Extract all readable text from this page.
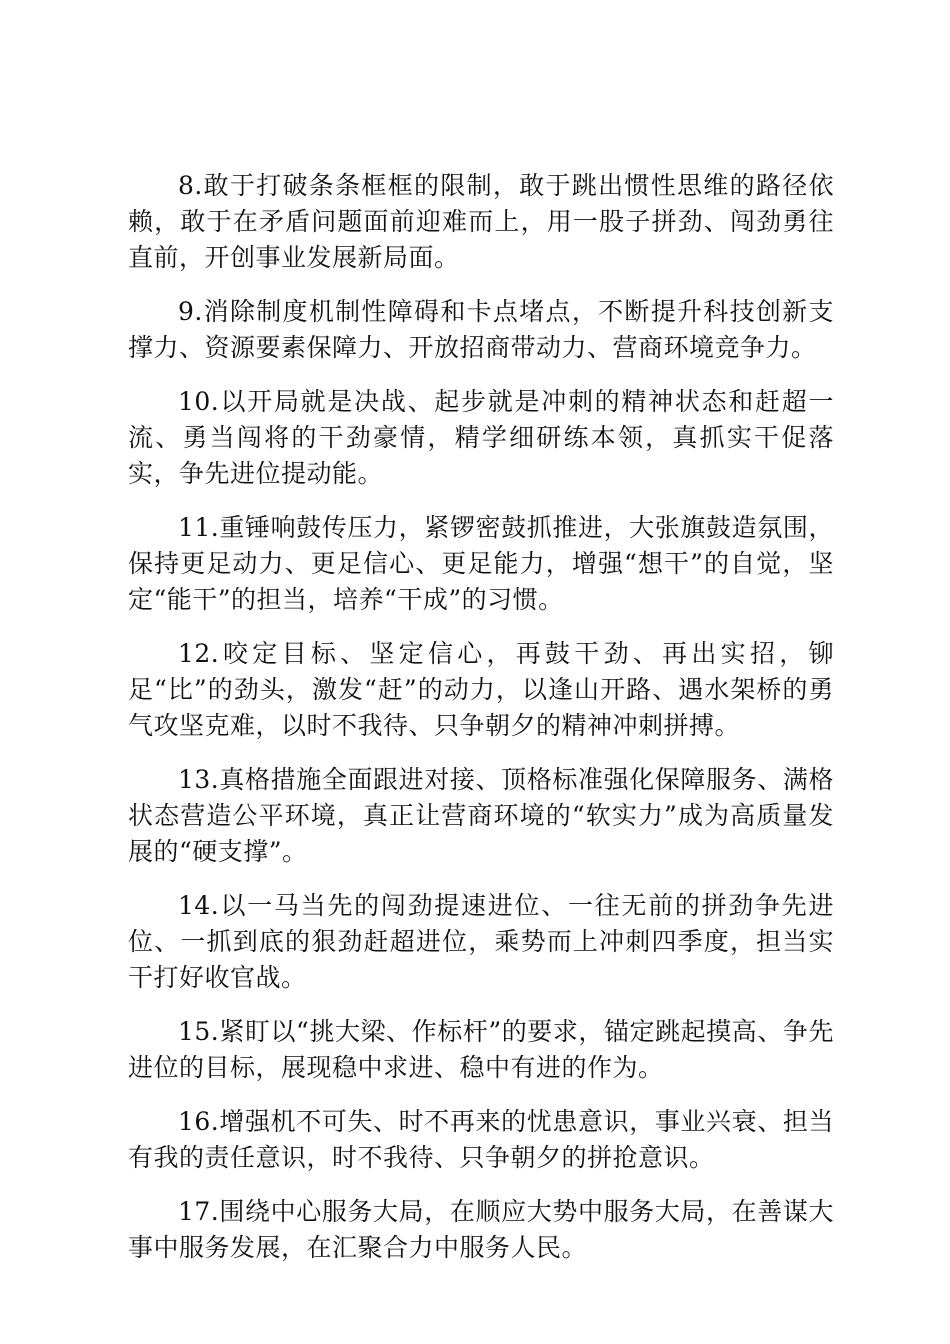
8.敢于打破条条框框的限制，敢于跳出惯性思维的路径依赖，敢于在矛盾问题面前迎难而上，用一股子拼劲、闯劲勇往直前，开创事业发展新局面。

9.消除制度机制性障碍和卡点堵点，不断提升科技创新支撑力、资源要素保障力、开放招商带动力、营商环境竞争力。

10.以开局就是决战、起步就是冲刺的精神状态和赶超一流、勇当闯将的干劲豪情，精学细研练本领，真抓实干促落实，争先进位提动能。

11.重锤响鼓传压力，紧锣密鼓抓推进，大张旗鼓造氛围，保持更足动力、更足信心、更足能力，增强“想干”的自觉，坚定“能干”的担当，培养“干成”的习惯。

12.咬定目标、坚定信心，再鼓干劲、再出实招，铆足“比”的劲头，激发“赶”的动力，以逢山开路、遇水架桥的勇气攻坚克难，以时不我待、只争朝夕的精神冲刺拼搏。

13.真格措施全面跟进对接、顶格标准强化保障服务、满格状态营造公平环境，真正让营商环境的“软实力”成为高质量发展的“硬支撑”。

14.以一马当先的闯劲提速进位、一往无前的拼劲争先进位、一抓到底的狠劲赶超进位，乘势而上冲刺四季度，担当实干打好收官战。

15.紧盯以“挑大梁、作标杆”的要求，锚定跳起摸高、争先进位的目标，展现稳中求进、稳中有进的作为。

16.增强机不可失、时不再来的忧患意识，事业兴衰、担当有我的责任意识，时不我待、只争朝夕的拼抢意识。

17.围绕中心服务大局，在顺应大势中服务大局，在善谋大事中服务发展，在汇聚合力中服务人民。
